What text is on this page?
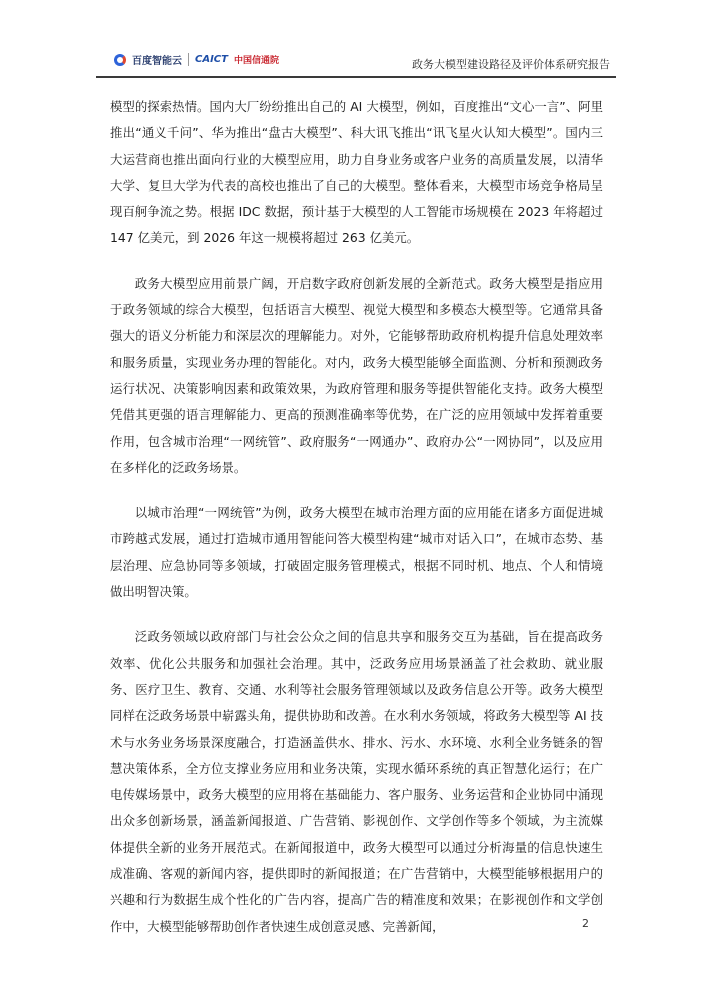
百度智能云 CAICT 中国信通院	政务大模型建设路径及评价体系研究报告

模型的探索热情。国内大厂纷纷推出自己的 AI 大模型，例如，百度推出“文心一言”、阿里推出“通义千问”、华为推出“盘古大模型”、科大讯飞推出“讯飞星火认知大模型”。国内三大运营商也推出面向行业的大模型应用，助力自身业务或客户业务的高质量发展，以清华大学、复旦大学为代表的高校也推出了自己的大模型。整体看来，大模型市场竞争格局呈现百舸争流之势。根据 IDC 数据，预计基于大模型的人工智能市场规模在 2023 年将超过 147 亿美元，到 2026 年这一规模将超过 263 亿美元。

政务大模型应用前景广阔，开启数字政府创新发展的全新范式。政务大模型是指应用于政务领域的综合大模型，包括语言大模型、视觉大模型和多模态大模型等。它通常具备强大的语义分析能力和深层次的理解能力。对外，它能够帮助政府机构提升信息处理效率和服务质量，实现业务办理的智能化。对内，政务大模型能够全面监测、分析和预测政务运行状况、决策影响因素和政策效果，为政府管理和服务等提供智能化支持。政务大模型凭借其更强的语言理解能力、更高的预测准确率等优势，在广泛的应用领域中发挥着重要作用，包含城市治理“一网统管”、政府服务“一网通办”、政府办公“一网协同”，以及应用在多样化的泛政务场景。

以城市治理“一网统管”为例，政务大模型在城市治理方面的应用能在诸多方面促进城市跨越式发展，通过打造城市通用智能问答大模型构建“城市对话入口”，在城市态势、基层治理、应急协同等多领域，打破固定服务管理模式，根据不同时机、地点、个人和情境做出明智决策。

泛政务领域以政府部门与社会公众之间的信息共享和服务交互为基础，旨在提高政务效率、优化公共服务和加强社会治理。其中，泛政务应用场景涵盖了社会救助、就业服务、医疗卫生、教育、交通、水利等社会服务管理领域以及政务信息公开等。政务大模型同样在泛政务场景中崭露头角，提供协助和改善。在水利水务领域，将政务大模型等 AI 技术与水务业务场景深度融合，打造涵盖供水、排水、污水、水环境、水利全业务链条的智慧决策体系，全方位支撑业务应用和业务决策，实现水循环系统的真正智慧化运行；在广电传媒场景中，政务大模型的应用将在基础能力、客户服务、业务运营和企业协同中涌现出众多创新场景，涵盖新闻报道、广告营销、影视创作、文学创作等多个领域，为主流媒体提供全新的业务开展范式。在新闻报道中，政务大模型可以通过分析海量的信息快速生成准确、客观的新闻内容，提供即时的新闻报道；在广告营销中，大模型能够根据用户的兴趣和行为数据生成个性化的广告内容，提高广告的精准度和效果；在影视创作和文学创作中，大模型能够帮助创作者快速生成创意灵感、完善新闻，	2
